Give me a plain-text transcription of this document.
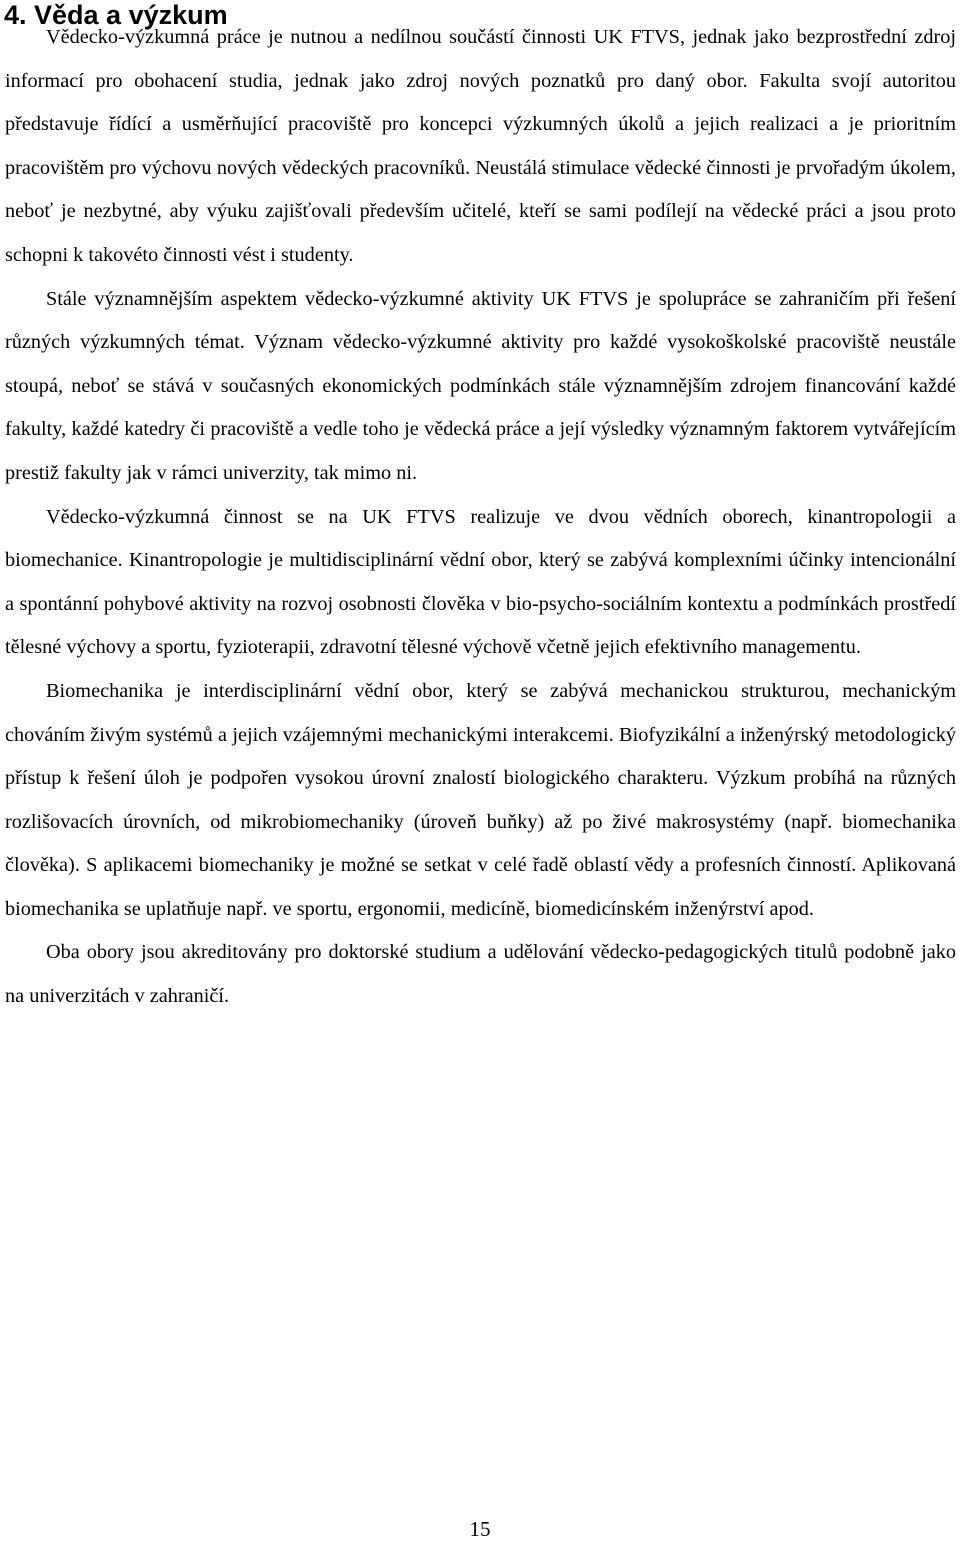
4. Věda a výzkum

Vědecko-výzkumná práce je nutnou a nedílnou součástí činnosti UK FTVS, jednak jako bezprostřední zdroj informací pro obohacení studia, jednak jako zdroj nových poznatků pro daný obor. Fakulta svojí autoritou představuje řídící a usměrňující pracoviště pro koncepci výzkumných úkolů a jejich realizaci a je prioritním pracovištěm pro výchovu nových vědeckých pracovníků. Neustálá stimulace vědecké činnosti je prvořadým úkolem, neboť je nezbytné, aby výuku zajišťovali především učitelé, kteří se sami podílejí na vědecké práci a jsou proto schopni k takovéto činnosti vést i studenty.

Stále významnějším aspektem vědecko-výzkumné aktivity UK FTVS je spolupráce se zahraničím při řešení různých výzkumných témat. Význam vědecko-výzkumné aktivity pro každé vysokoškolské pracoviště neustále stoupá, neboť se stává v současných ekonomických podmínkách stále významnějším zdrojem financování každé fakulty, každé katedry či pracoviště a vedle toho je vědecká práce a její výsledky významným faktorem vytvářejícím prestiž fakulty jak v rámci univerzity, tak mimo ni.

Vědecko-výzkumná činnost se na UK FTVS realizuje ve dvou vědních oborech, kinantropologii a biomechanice. Kinantropologie je multidisciplinární vědní obor, který se zabývá komplexními účinky intencionální a spontánní pohybové aktivity na rozvoj osobnosti člověka v bio-psycho-sociálním kontextu a podmínkách prostředí tělesné výchovy a sportu, fyzioterapii, zdravotní tělesné výchově včetně jejich efektivního managementu.

Biomechanika je interdisciplinární vědní obor, který se zabývá mechanickou strukturou, mechanickým chováním živým systémů a jejich vzájemnými mechanickými interakcemi. Biofyzikální a inženýrský metodologický přístup k řešení úloh je podpořen vysokou úrovní znalostí biologického charakteru. Výzkum probíhá na různých rozlišovacích úrovních, od mikrobiomechaniky (úroveň buňky) až po živé makrosystémy (např. biomechanika člověka). S aplikacemi biomechaniky je možné se setkat v celé řadě oblastí vědy a profesních činností. Aplikovaná biomechanika se uplatňuje např. ve sportu, ergonomii, medicíně, biomedicínském inženýrství apod.

Oba obory jsou akreditovány pro doktorské studium a udělování vědecko-pedagogických titulů podobně jako na univerzitách v zahraničí.

15
